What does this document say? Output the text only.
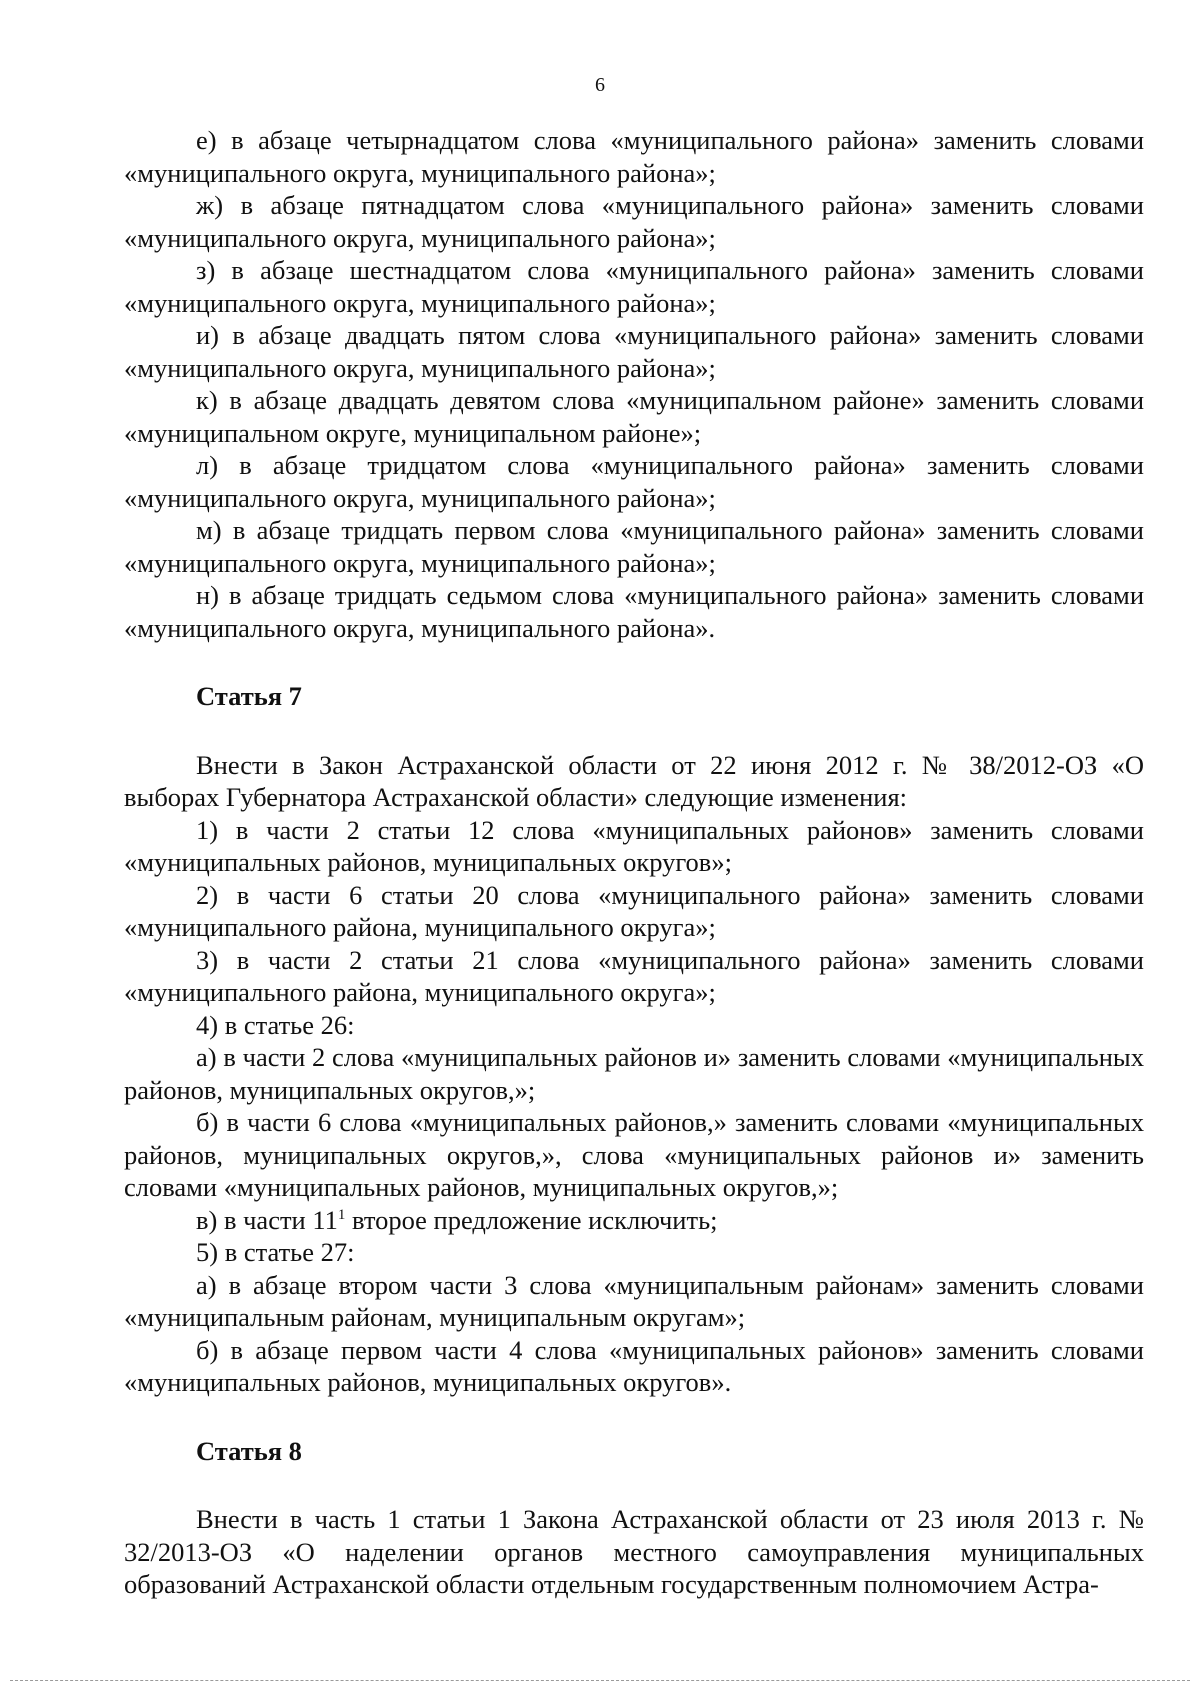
6

е) в абзаце четырнадцатом слова «муниципального района» заменить словами «муниципального округа, муниципального района»;

ж) в абзаце пятнадцатом слова «муниципального района» заменить словами «муниципального округа, муниципального района»;

з) в абзаце шестнадцатом слова «муниципального района» заменить словами «муниципального округа, муниципального района»;

и) в абзаце двадцать пятом слова «муниципального района» заменить словами «муниципального округа, муниципального района»;

к) в абзаце двадцать девятом слова «муниципальном районе» заменить словами «муниципальном округе, муниципальном районе»;

л) в абзаце тридцатом слова «муниципального района» заменить словами «муниципального округа, муниципального района»;

м) в абзаце тридцать первом слова «муниципального района» заменить словами «муниципального округа, муниципального района»;

н) в абзаце тридцать седьмом слова «муниципального района» заменить словами «муниципального округа, муниципального района».

Статья 7

Внести в Закон Астраханской области от 22 июня 2012 г. № 38/2012-ОЗ «О выборах Губернатора Астраханской области» следующие изменения:

1) в части 2 статьи 12 слова «муниципальных районов» заменить словами «муниципальных районов, муниципальных округов»;

2) в части 6 статьи 20 слова «муниципального района» заменить словами «муниципального района, муниципального округа»;

3) в части 2 статьи 21 слова «муниципального района» заменить словами «муниципального района, муниципального округа»;

4) в статье 26:

а) в части 2 слова «муниципальных районов и» заменить словами «муниципальных районов, муниципальных округов,»;

б) в части 6 слова «муниципальных районов,» заменить словами «муниципальных районов, муниципальных округов,», слова «муниципальных районов и» заменить словами «муниципальных районов, муниципальных округов,»;

в) в части $11^1$ второе предложение исключить;

5) в статье 27:

а) в абзаце втором части 3 слова «муниципальным районам» заменить словами «муниципальным районам, муниципальным округам»;

б) в абзаце первом части 4 слова «муниципальных районов» заменить словами «муниципальных районов, муниципальных округов».

Статья 8

Внести в часть 1 статьи 1 Закона Астраханской области от 23 июля 2013 г. № 32/2013-ОЗ «О наделении органов местного самоуправления муниципальных образований Астраханской области отдельным государственным полномочием Астра-
